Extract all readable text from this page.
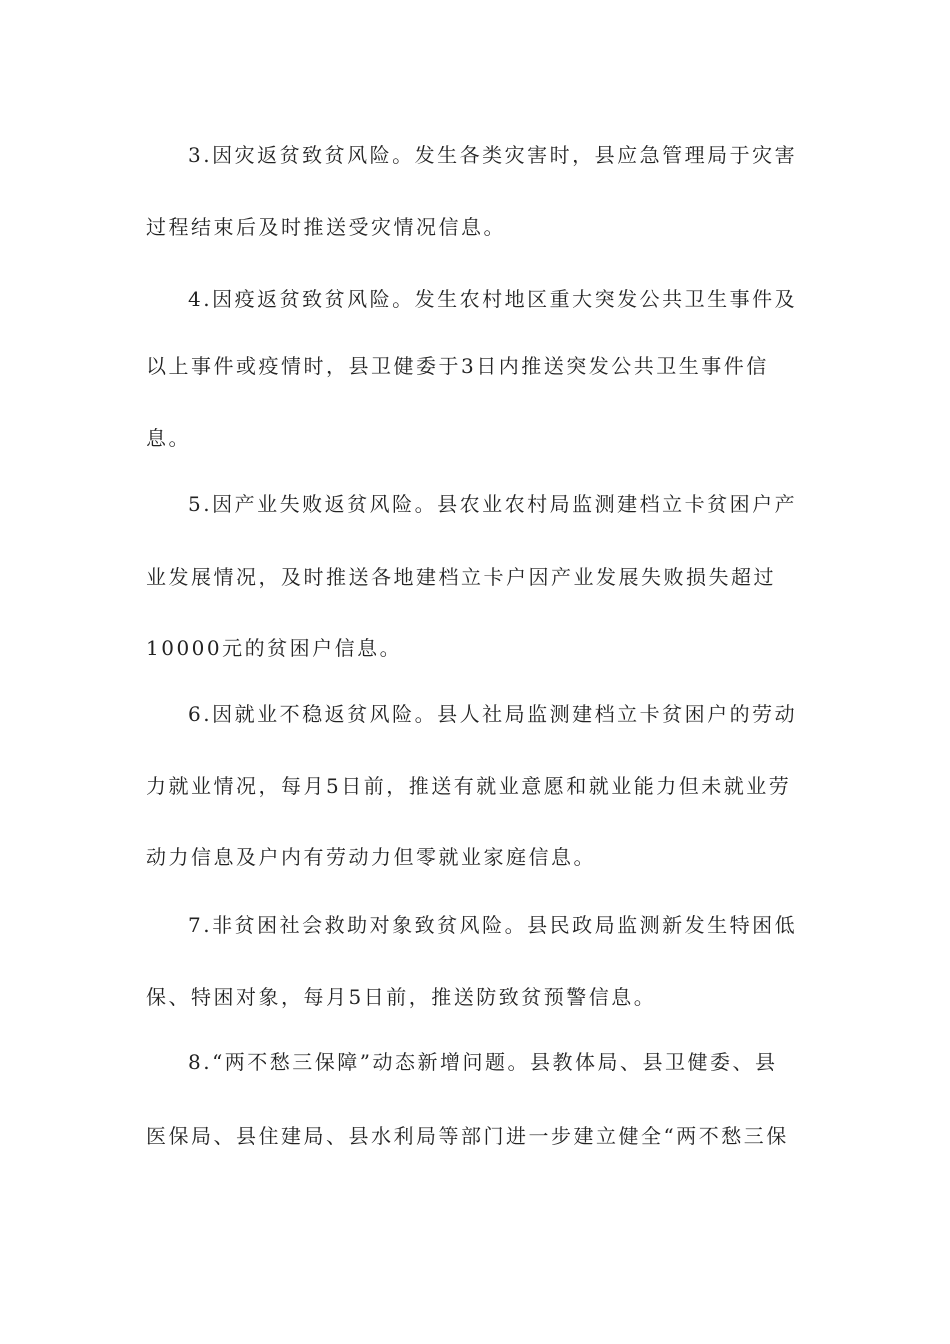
3.因灾返贫致贫风险。发生各类灾害时，县应急管理局于灾害
过程结束后及时推送受灾情况信息。
4.因疫返贫致贫风险。发生农村地区重大突发公共卫生事件及
以上事件或疫情时，县卫健委于3日内推送突发公共卫生事件信
息。
5.因产业失败返贫风险。县农业农村局监测建档立卡贫困户产
业发展情况，及时推送各地建档立卡户因产业发展失败损失超过
10000元的贫困户信息。
6.因就业不稳返贫风险。县人社局监测建档立卡贫困户的劳动
力就业情况，每月5日前，推送有就业意愿和就业能力但未就业劳
动力信息及户内有劳动力但零就业家庭信息。
7.非贫困社会救助对象致贫风险。县民政局监测新发生特困低
保、特困对象，每月5日前，推送防致贫预警信息。
8.“两不愁三保障”动态新增问题。县教体局、县卫健委、县
医保局、县住建局、县水利局等部门进一步建立健全“两不愁三保
